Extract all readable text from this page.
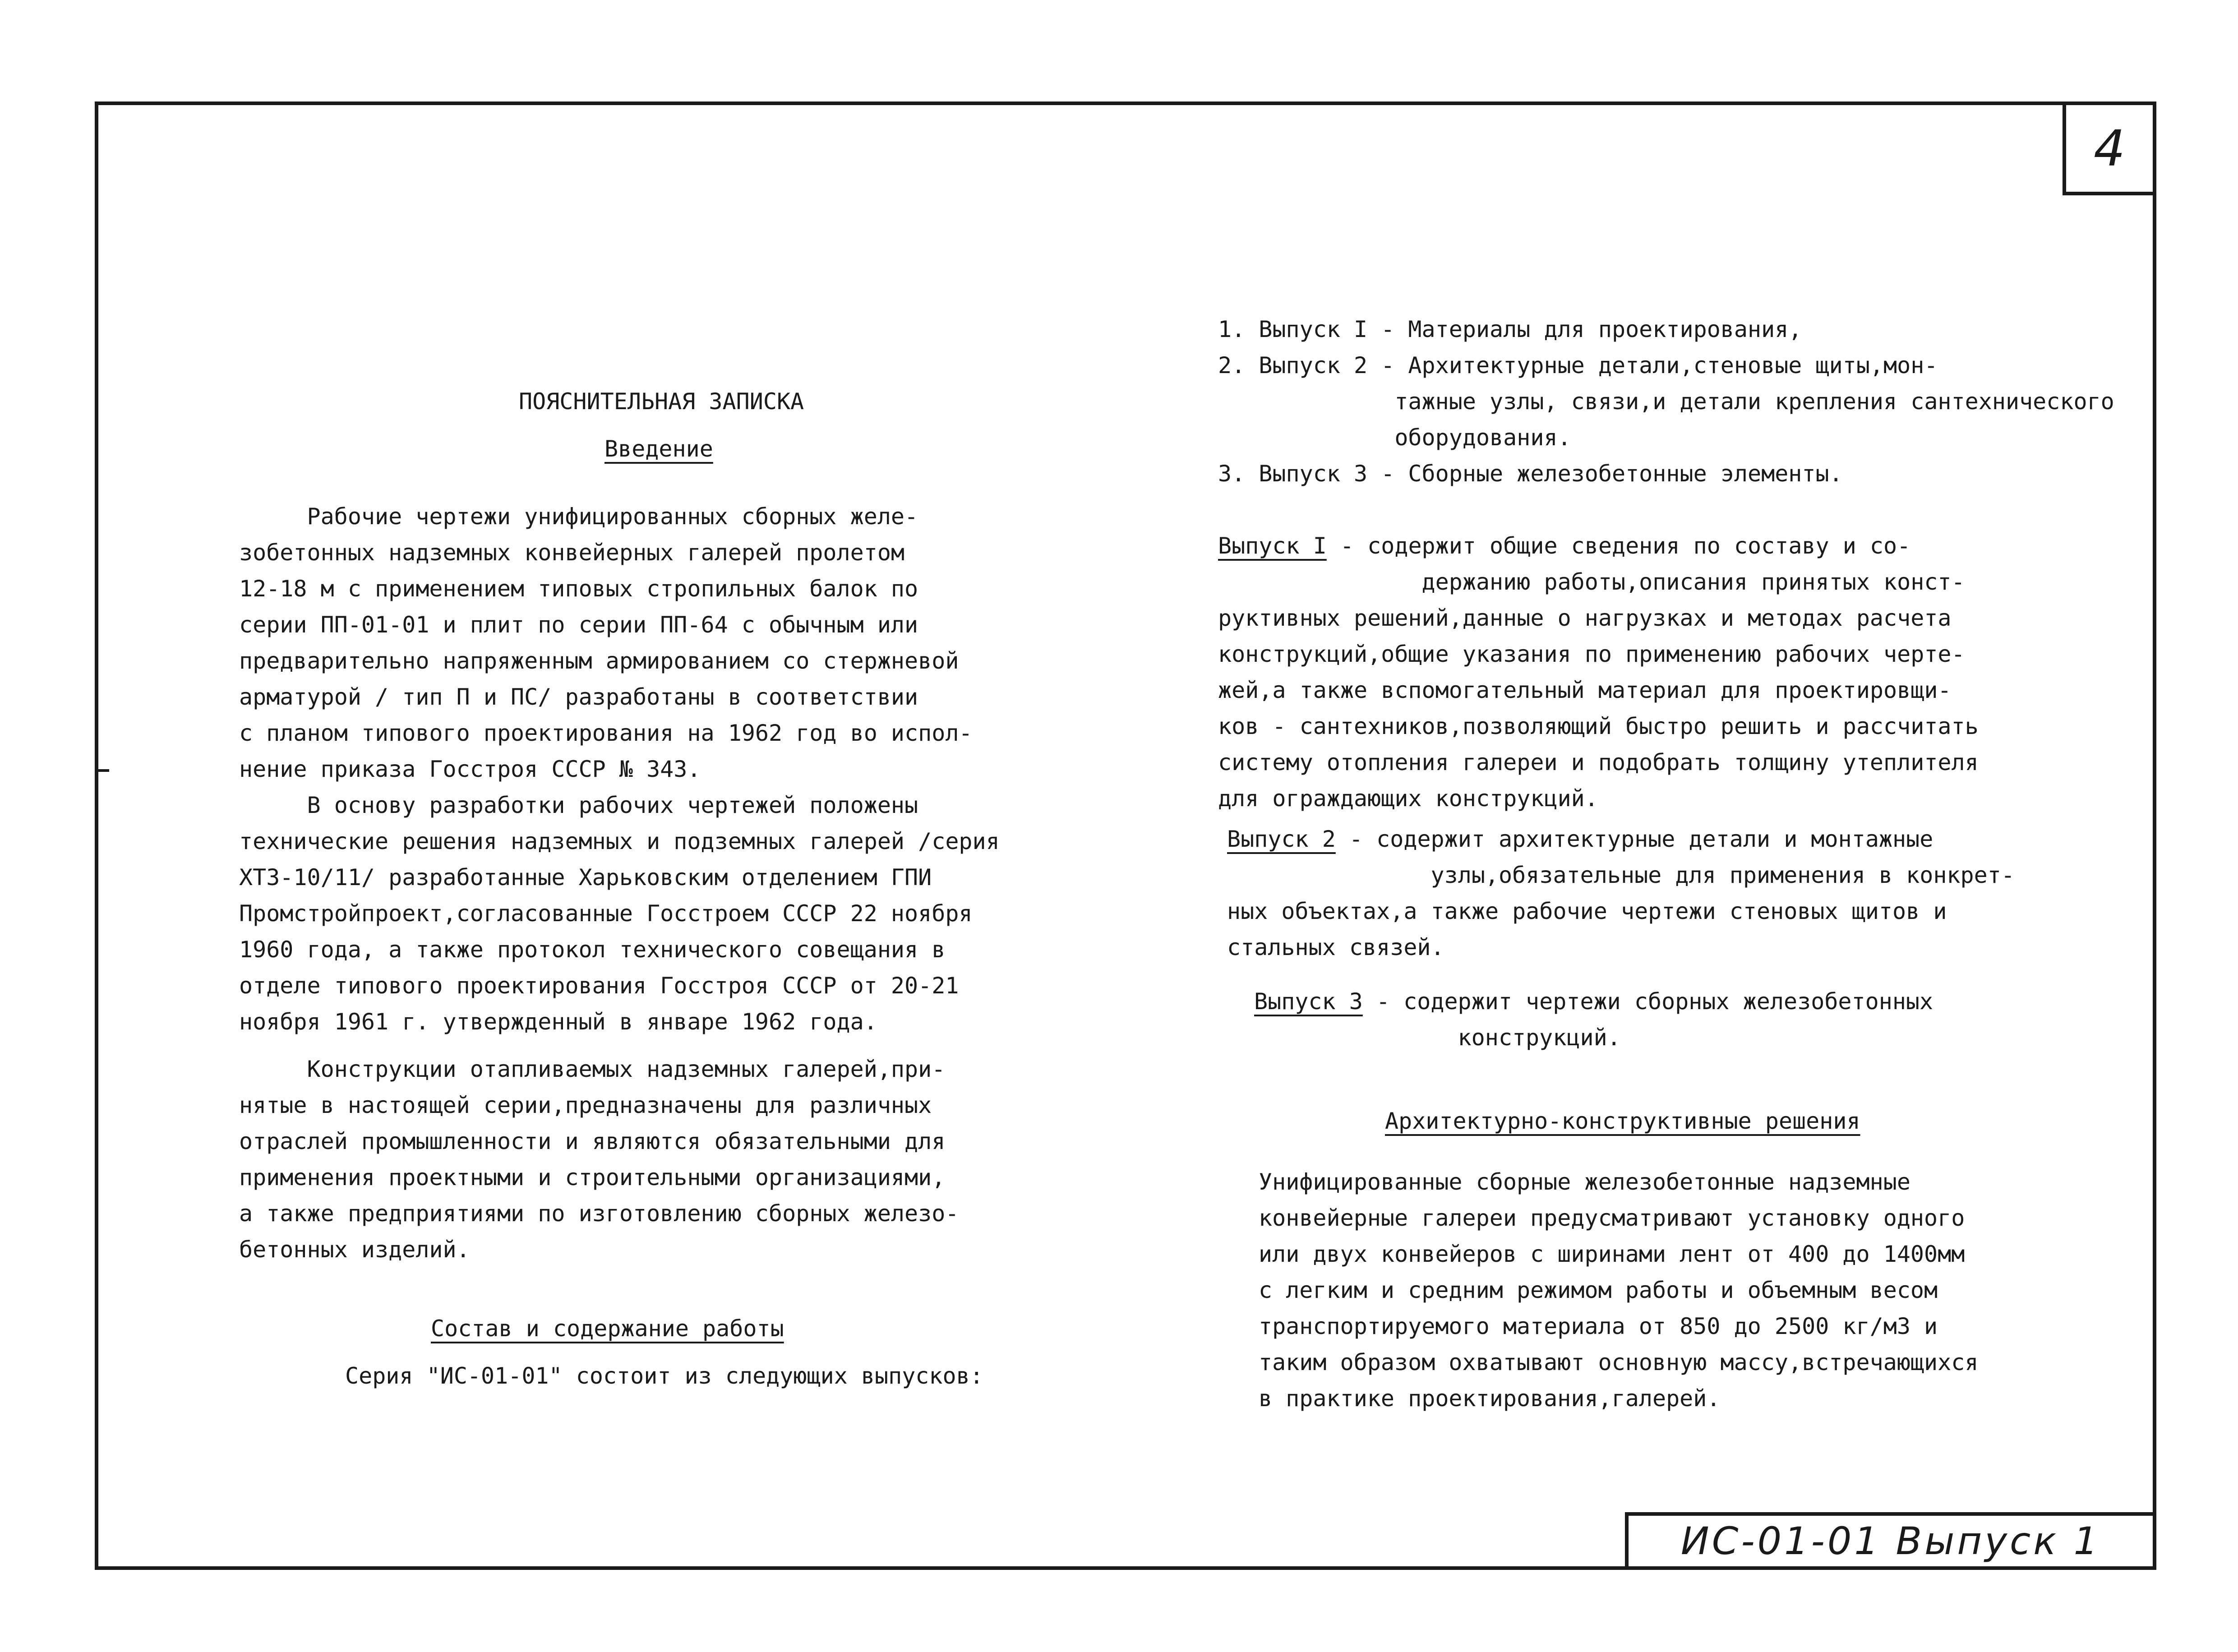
4
ИС-01-01 Выпуск 1
ПОЯСНИТЕЛЬНАЯ ЗАПИСКА
Введение

Рабочие чертежи унифицированных сборных желе-

зобетонных надземных конвейерных галерей пролетом

12-18 м с применением типовых стропильных балок по

серии ПП-01-01 и плит по серии ПП-64 с обычным или

предварительно напряженным армированием со стержневой

арматурой / тип П и ПС/ разработаны в соответствии

с планом типового проектирования на 1962 год во испол-

нение приказа Госстроя СССР № 343.

В основу разработки рабочих чертежей положены

технические решения надземных и подземных галерей /серия

ХТЗ-10/11/ разработанные Харьковским отделением ГПИ

Промстройпроект,согласованные Госстроем СССР 22 ноября

1960 года, а также протокол технического совещания в

отделе типового проектирования Госстроя СССР от 20-21

ноября 1961 г. утвержденный в январе 1962 года.

Конструкции отапливаемых надземных галерей,при-

нятые в настоящей серии,предназначены для различных

отраслей промышленности и являются обязательными для

применения проектными и строительными организациями,

а также предприятиями по изготовлению сборных железо-

бетонных изделий.

Состав и содержание работы
Серия "ИС-01-01" состоит из следующих выпусков:

1. Выпуск I - Материалы для проектирования,

2. Выпуск 2 - Архитектурные детали,стеновые щиты,мон-

тажные узлы, связи,и детали крепления сантехнического

оборудования.

3. Выпуск 3 - Сборные железобетонные элементы.

Выпуск I - содержит общие сведения по составу и со-

держанию работы,описания принятых конст-

руктивных решений,данные о нагрузках и методах расчета

конструкций,общие указания по применению рабочих черте-

жей,а также вспомогательный материал для проектировщи-

ков - сантехников,позволяющий быстро решить и рассчитать

систему отопления галереи и подобрать толщину утеплителя

для ограждающих конструкций.

Выпуск 2 - содержит архитектурные детали и монтажные

узлы,обязательные для применения в конкрет-

ных объектах,а также рабочие чертежи стеновых щитов и

стальных связей.

Выпуск 3 - содержит чертежи сборных железобетонных

конструкций.

Архитектурно-конструктивные решения

Унифицированные сборные железобетонные надземные

конвейерные галереи предусматривают установку одного

или двух конвейеров с ширинами лент от 400 до 1400мм

с легким и средним режимом работы и объемным весом

транспортируемого материала от 850 до 2500 кг/м3 и

таким образом охватывают основную массу,встречающихся

в практике проектирования,галерей.
